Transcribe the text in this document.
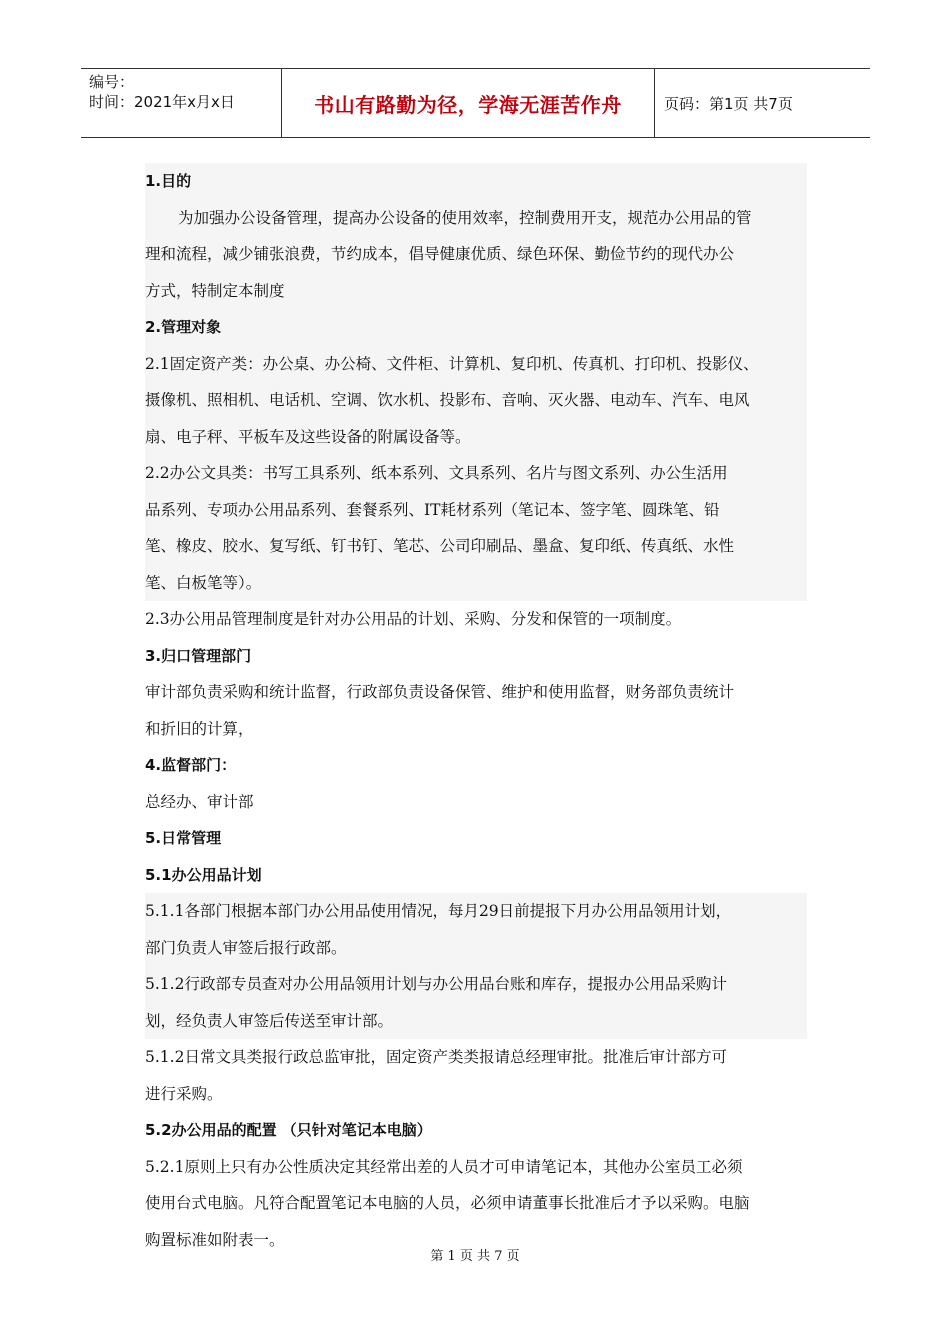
编号：
时间：2021年x月x日	书山有路勤为径，学海无涯苦作舟	页码：第1页 共7页
1.目的
为加强办公设备管理，提高办公设备的使用效率，控制费用开支，规范办公用品的管
理和流程，减少铺张浪费，节约成本，倡导健康优质、绿色环保、勤俭节约的现代办公
方式，特制定本制度
2.管理对象
2.1固定资产类：办公桌、办公椅、文件柜、计算机、复印机、传真机、打印机、投影仪、
摄像机、照相机、电话机、空调、饮水机、投影布、音响、灭火器、电动车、汽车、电风
扇、电子秤、平板车及这些设备的附属设备等。
2.2办公文具类：书写工具系列、纸本系列、文具系列、名片与图文系列、办公生活用
品系列、专项办公用品系列、套餐系列、IT耗材系列（笔记本、签字笔、圆珠笔、铅
笔、橡皮、胶水、复写纸、钉书钉、笔芯、公司印刷品、墨盒、复印纸、传真纸、水性
笔、白板笔等）。
2.3办公用品管理制度是针对办公用品的计划、采购、分发和保管的一项制度。
3.归口管理部门
审计部负责采购和统计监督，行政部负责设备保管、维护和使用监督，财务部负责统计
和折旧的计算，
4.监督部门：
总经办、审计部
5.日常管理
5.1办公用品计划
5.1.1各部门根据本部门办公用品使用情况，每月29日前提报下月办公用品领用计划，
部门负责人审签后报行政部。
5.1.2行政部专员查对办公用品领用计划与办公用品台账和库存，提报办公用品采购计
划，经负责人审签后传送至审计部。
5.1.2日常文具类报行政总监审批，固定资产类类报请总经理审批。批准后审计部方可
进行采购。
5.2办公用品的配置 （只针对笔记本电脑）
5.2.1原则上只有办公性质决定其经常出差的人员才可申请笔记本，其他办公室员工必须
使用台式电脑。凡符合配置笔记本电脑的人员，必须申请董事长批准后才予以采购。电脑
购置标准如附表一。
第 1 页 共 7 页
